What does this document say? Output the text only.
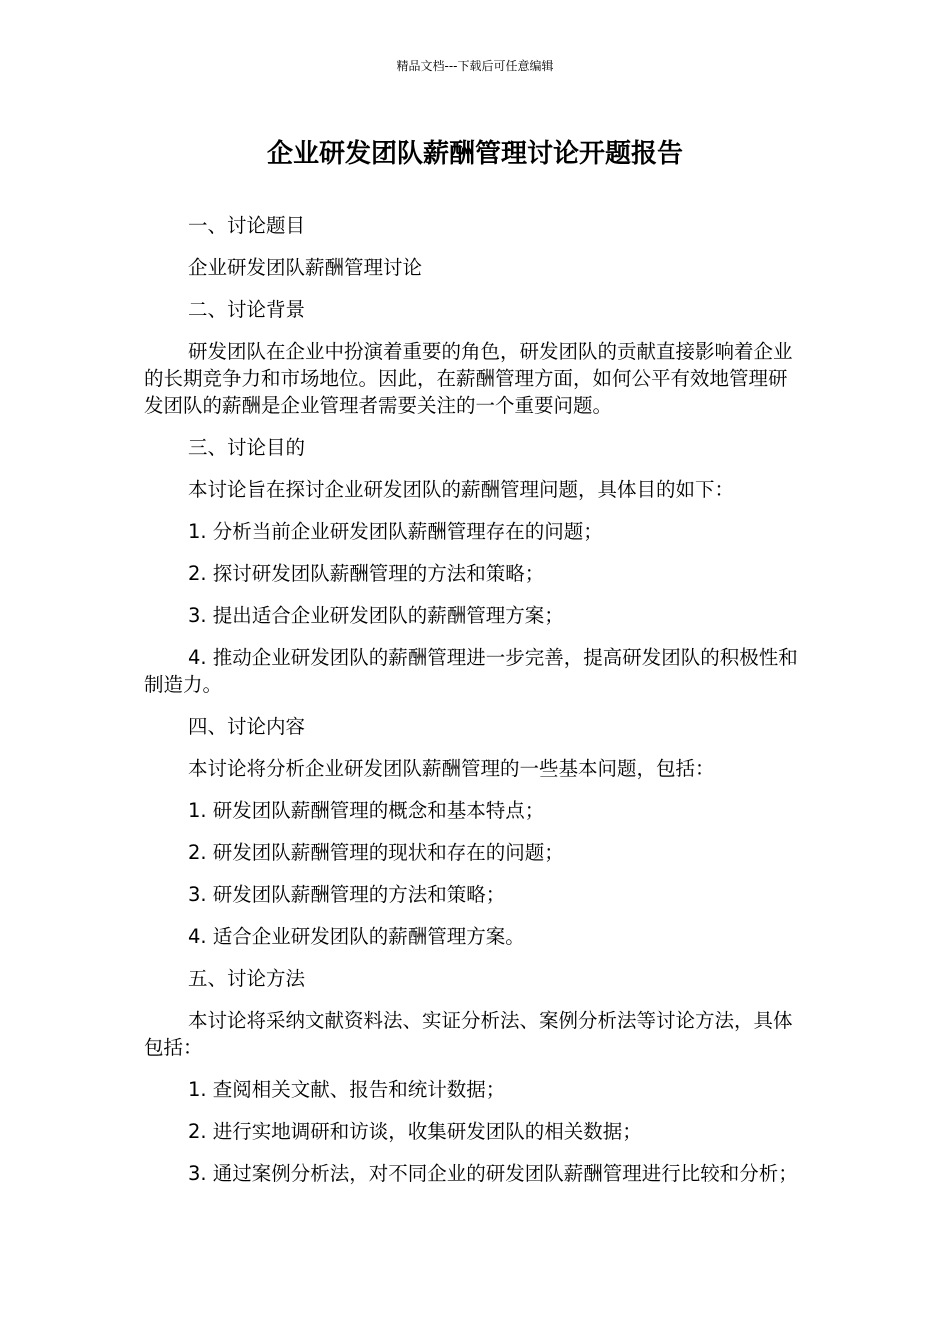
精品文档---下载后可任意编辑
企业研发团队薪酬管理讨论开题报告

一、讨论题目

企业研发团队薪酬管理讨论

二、讨论背景

研发团队在企业中扮演着重要的角色，研发团队的贡献直接影响着企业的长期竞争力和市场地位。因此，在薪酬管理方面，如何公平有效地管理研发团队的薪酬是企业管理者需要关注的一个重要问题。

三、讨论目的

本讨论旨在探讨企业研发团队的薪酬管理问题，具体目的如下：

1. 分析当前企业研发团队薪酬管理存在的问题；

2. 探讨研发团队薪酬管理的方法和策略；

3. 提出适合企业研发团队的薪酬管理方案；

4. 推动企业研发团队的薪酬管理进一步完善，提高研发团队的积极性和制造力。

四、讨论内容

本讨论将分析企业研发团队薪酬管理的一些基本问题，包括：

1. 研发团队薪酬管理的概念和基本特点；

2. 研发团队薪酬管理的现状和存在的问题；

3. 研发团队薪酬管理的方法和策略；

4. 适合企业研发团队的薪酬管理方案。

五、讨论方法

本讨论将采纳文献资料法、实证分析法、案例分析法等讨论方法，具体包括：

1. 查阅相关文献、报告和统计数据；

2. 进行实地调研和访谈，收集研发团队的相关数据；

3. 通过案例分析法，对不同企业的研发团队薪酬管理进行比较和分析；
